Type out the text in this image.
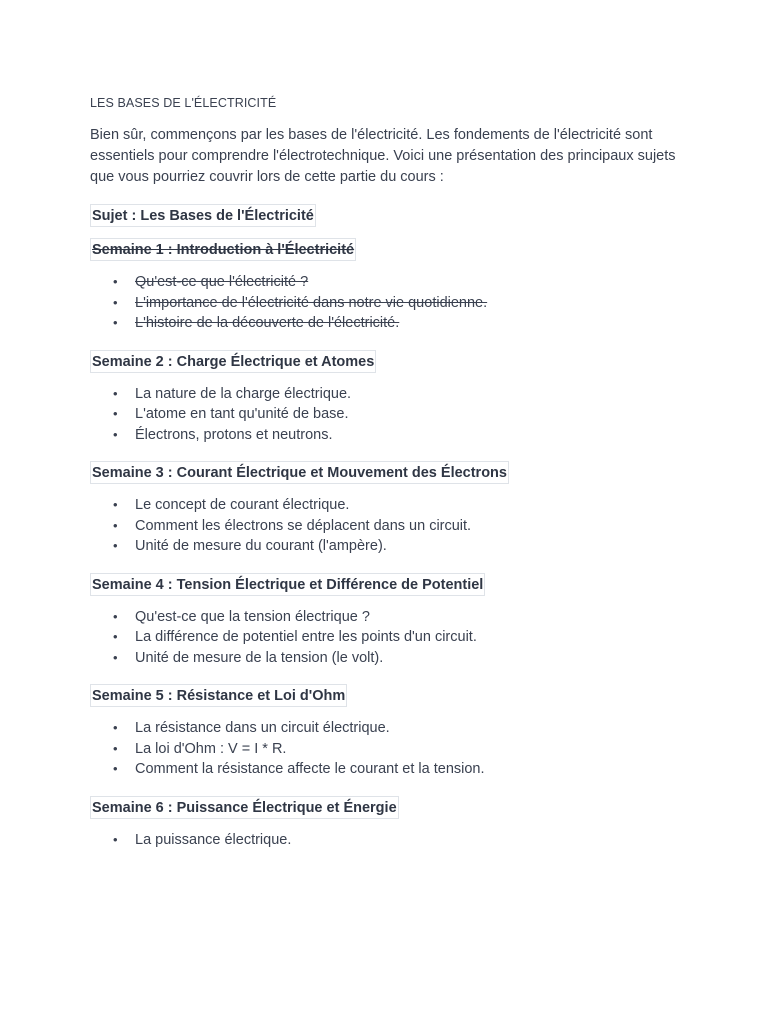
LES BASES DE L'ÉLECTRICITÉ

Bien sûr, commençons par les bases de l'électricité. Les fondements de l'électricité sont essentiels pour comprendre l'électrotechnique. Voici une présentation des principaux sujets que vous pourriez couvrir lors de cette partie du cours :

Sujet : Les Bases de l'Électricité
Semaine 1 : Introduction à l'Électricité
• Qu'est-ce que l'électricité ?
• L'importance de l'électricité dans notre vie quotidienne.
• L'histoire de la découverte de l'électricité.
Semaine 2 : Charge Électrique et Atomes
• La nature de la charge électrique.
• L'atome en tant qu'unité de base.
• Électrons, protons et neutrons.
Semaine 3 : Courant Électrique et Mouvement des Électrons
• Le concept de courant électrique.
• Comment les électrons se déplacent dans un circuit.
• Unité de mesure du courant (l'ampère).
Semaine 4 : Tension Électrique et Différence de Potentiel
• Qu'est-ce que la tension électrique ?
• La différence de potentiel entre les points d'un circuit.
• Unité de mesure de la tension (le volt).
Semaine 5 : Résistance et Loi d'Ohm
• La résistance dans un circuit électrique.
• La loi d'Ohm : V = I * R.
• Comment la résistance affecte le courant et la tension.
Semaine 6 : Puissance Électrique et Énergie
• La puissance électrique.
